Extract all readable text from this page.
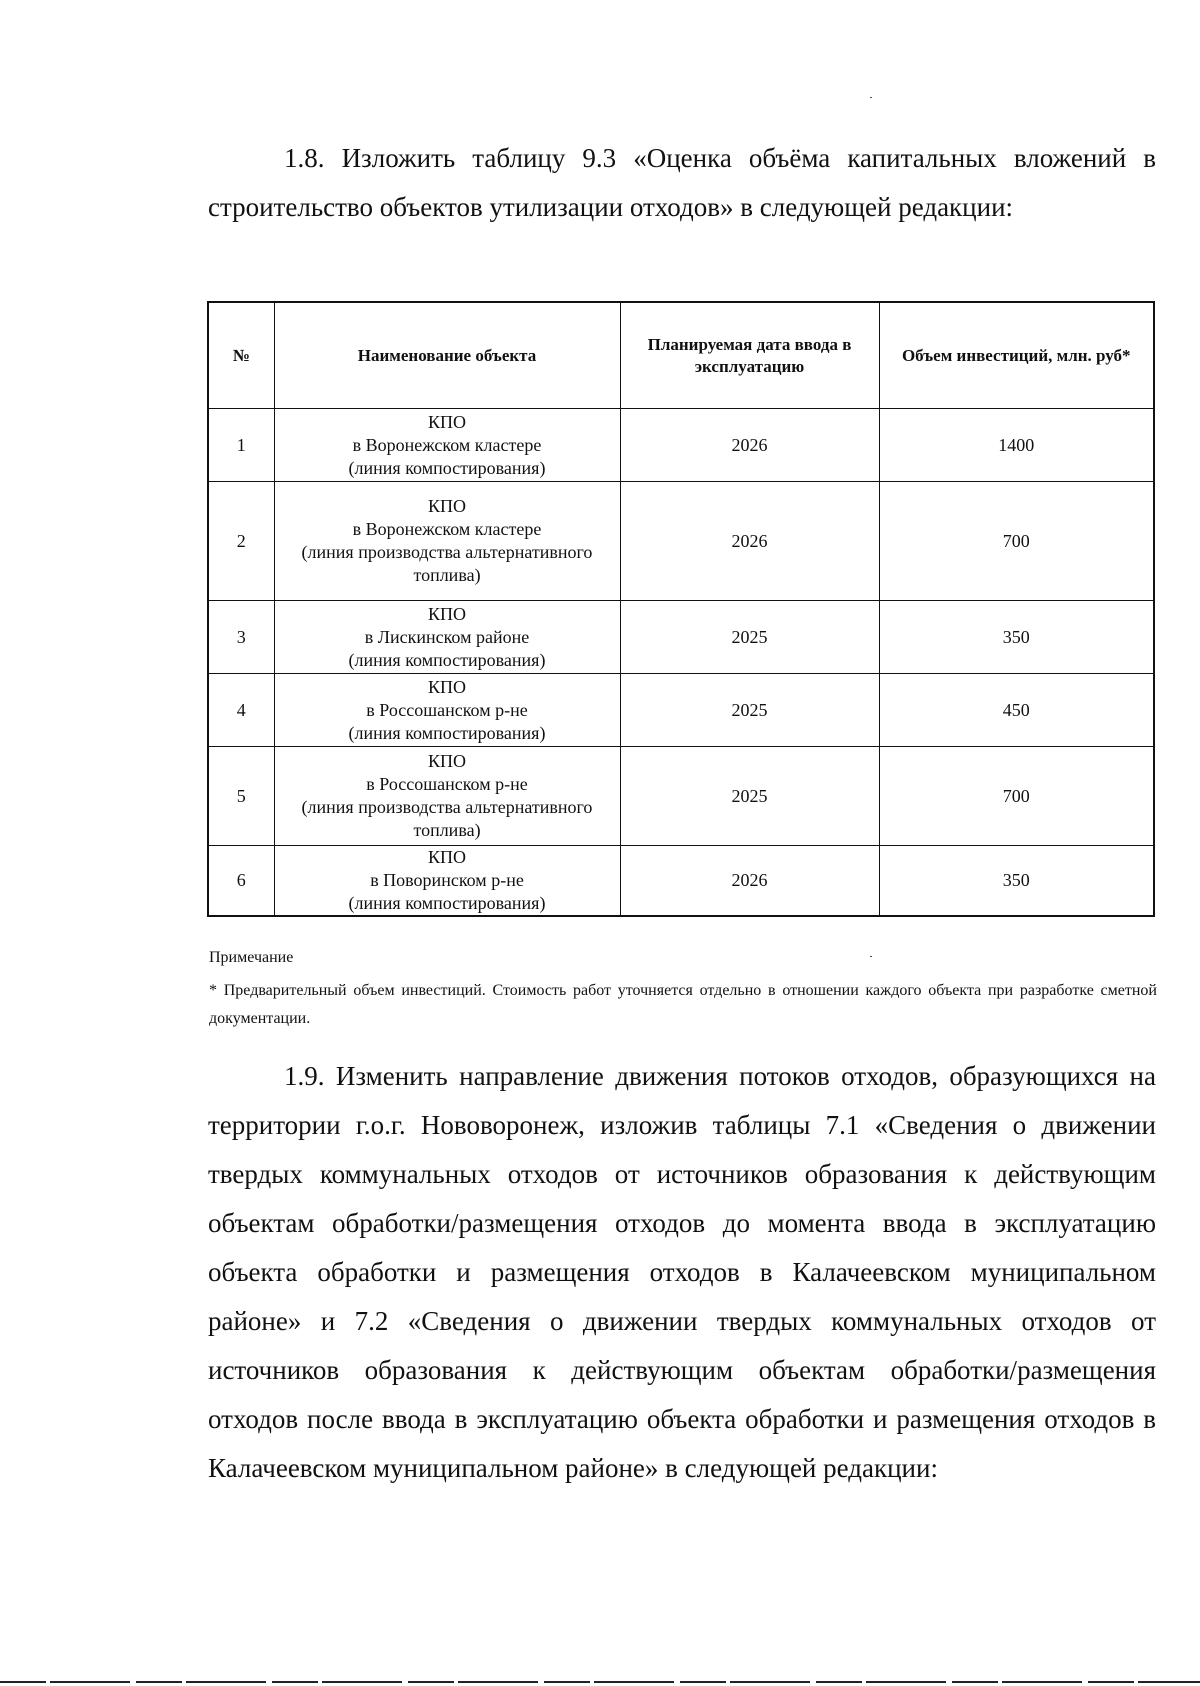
1.8. Изложить таблицу 9.3 «Оценка объёма капитальных вложений в строительство объектов утилизации отходов» в следующей редакции:

№	Наименование объекта	Планируемая дата ввода в эксплуатацию	Объем инвестиций, млн. руб*
1	КПО
в Воронежском кластере
(линия компостирования)	2026	1400
2	КПО
в Воронежском кластере
(линия производства альтернативного
топлива)	2026	700
3	КПО
в Лискинском районе
(линия компостирования)	2025	350
4	КПО
в Россошанском р-не
(линия компостирования)	2025	450
5	КПО
в Россошанском р-не
(линия производства альтернативного
топлива)	2025	700
6	КПО
в Поворинском р-не
(линия компостирования)	2026	350

Примечание

* Предварительный объем инвестиций. Стоимость работ уточняется отдельно в отношении каждого объекта при разработке сметной документации.

1.9. Изменить направление движения потоков отходов, образующихся на территории г.о.г. Нововоронеж, изложив таблицы 7.1 «Сведения о движении твердых коммунальных отходов от источников образования к действующим объектам обработки/размещения отходов до момента ввода в эксплуатацию объекта обработки и размещения отходов в Калачеевском муниципальном районе» и 7.2 «Сведения о движении твердых коммунальных отходов от источников образования к действующим объектам обработки/размещения отходов после ввода в эксплуатацию объекта обработки и размещения отходов в Калачеевском муниципальном районе» в следующей редакции:
